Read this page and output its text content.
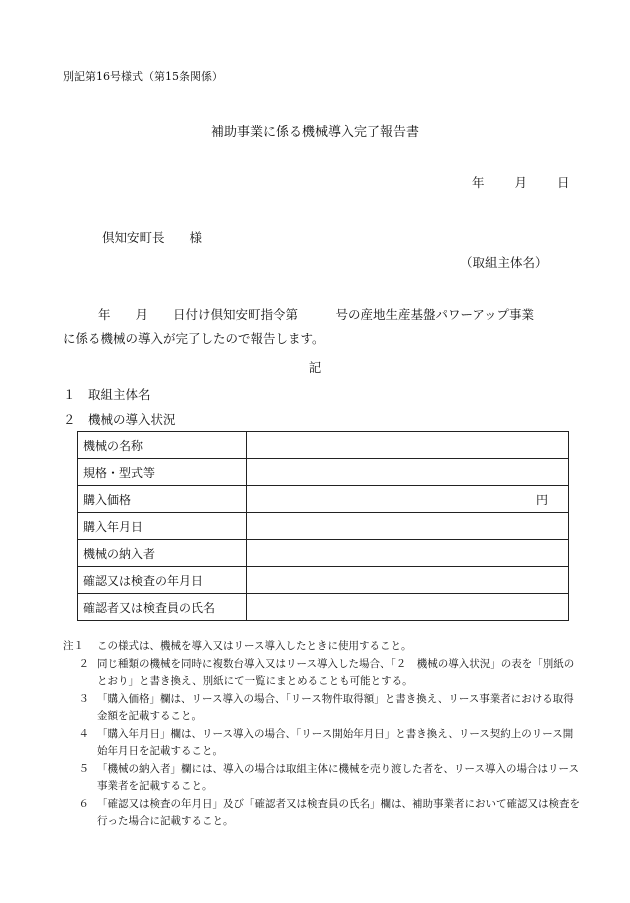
別記第16号様式（第15条関係）
補助事業に係る機械導入完了報告書
年 月 日
倶知安町長　　様
（取組主体名）
年　　月　　日付け倶知安町指令第　　　号の産地生産基盤パワーアップ事業
に係る機械の導入が完了したので報告します。
記
１　取組主体名
２　機械の導入状況
機械の名称	
規格・型式等	
購入価格	円
購入年月日	
機械の納入者	
確認又は検査の年月日	
確認者又は検査員の氏名	
注１	この様式は、機械を導入又はリース導入したときに使用すること。
２ 同じ種類の機械を同時に複数台導入又はリース導入した場合、「２　機械の導入状況」の表を「別紙のとおり」と書き換え、別紙にて一覧にまとめることも可能とする。
３ 「購入価格」欄は、リース導入の場合、「リース物件取得額」と書き換え、リース事業者における取得金額を記載すること。
４ 「購入年月日」欄は、リース導入の場合、「リース開始年月日」と書き換え、リース契約上のリース開始年月日を記載すること。
５ 「機械の納入者」欄には、導入の場合は取組主体に機械を売り渡した者を、リース導入の場合はリース事業者を記載すること。
６ 「確認又は検査の年月日」及び「確認者又は検査員の氏名」欄は、補助事業者において確認又は検査を行った場合に記載すること。
